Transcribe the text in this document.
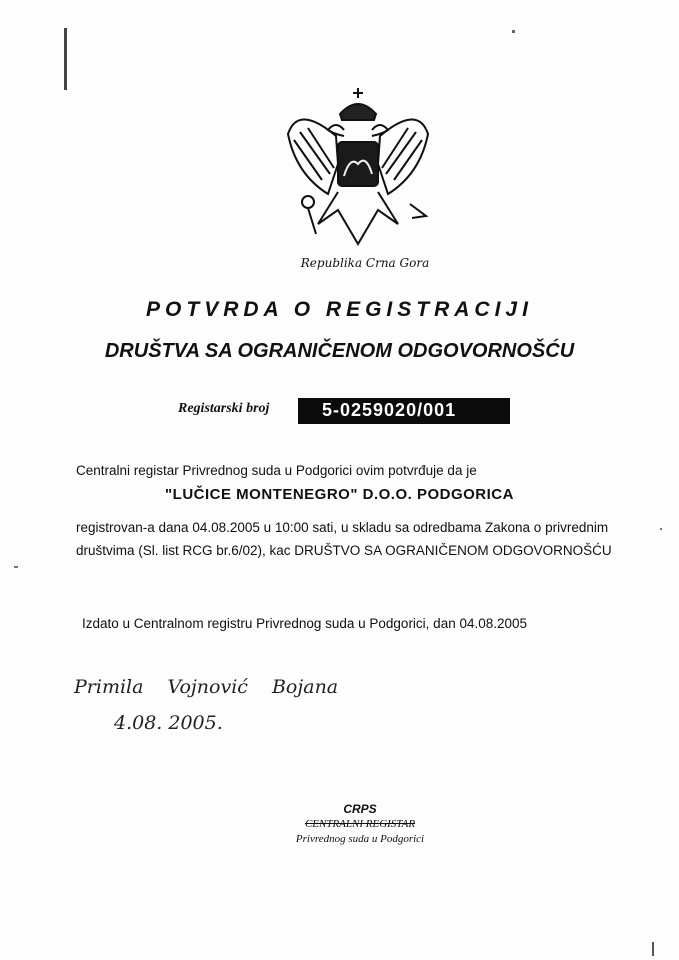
Republika Crna Gora
POTVRDA O REGISTRACIJI
DRUŠTVA SA OGRANIČENOM ODGOVORNOŠĆU
Registarski broj	5-0259020/001
Centralni registar Privrednog suda u Podgorici ovim potvrđuje da je
"LUČICE MONTENEGRO" D.O.O. PODGORICA
registrovan-a dana 04.08.2005 u 10:00 sati, u skladu sa odredbama Zakona o privrednim
društvima (Sl. list RCG br.6/02), kac DRUŠTVO SA OGRANIČENOM ODGOVORNOŠĆU
Izdato u Centralnom registru Privrednog suda u Podgorici, dan 04.08.2005
Primila Vojnović Bojana
4.08. 2005.
CRPS
CENTRALNI REGISTAR
Privrednog suda u Podgorici
